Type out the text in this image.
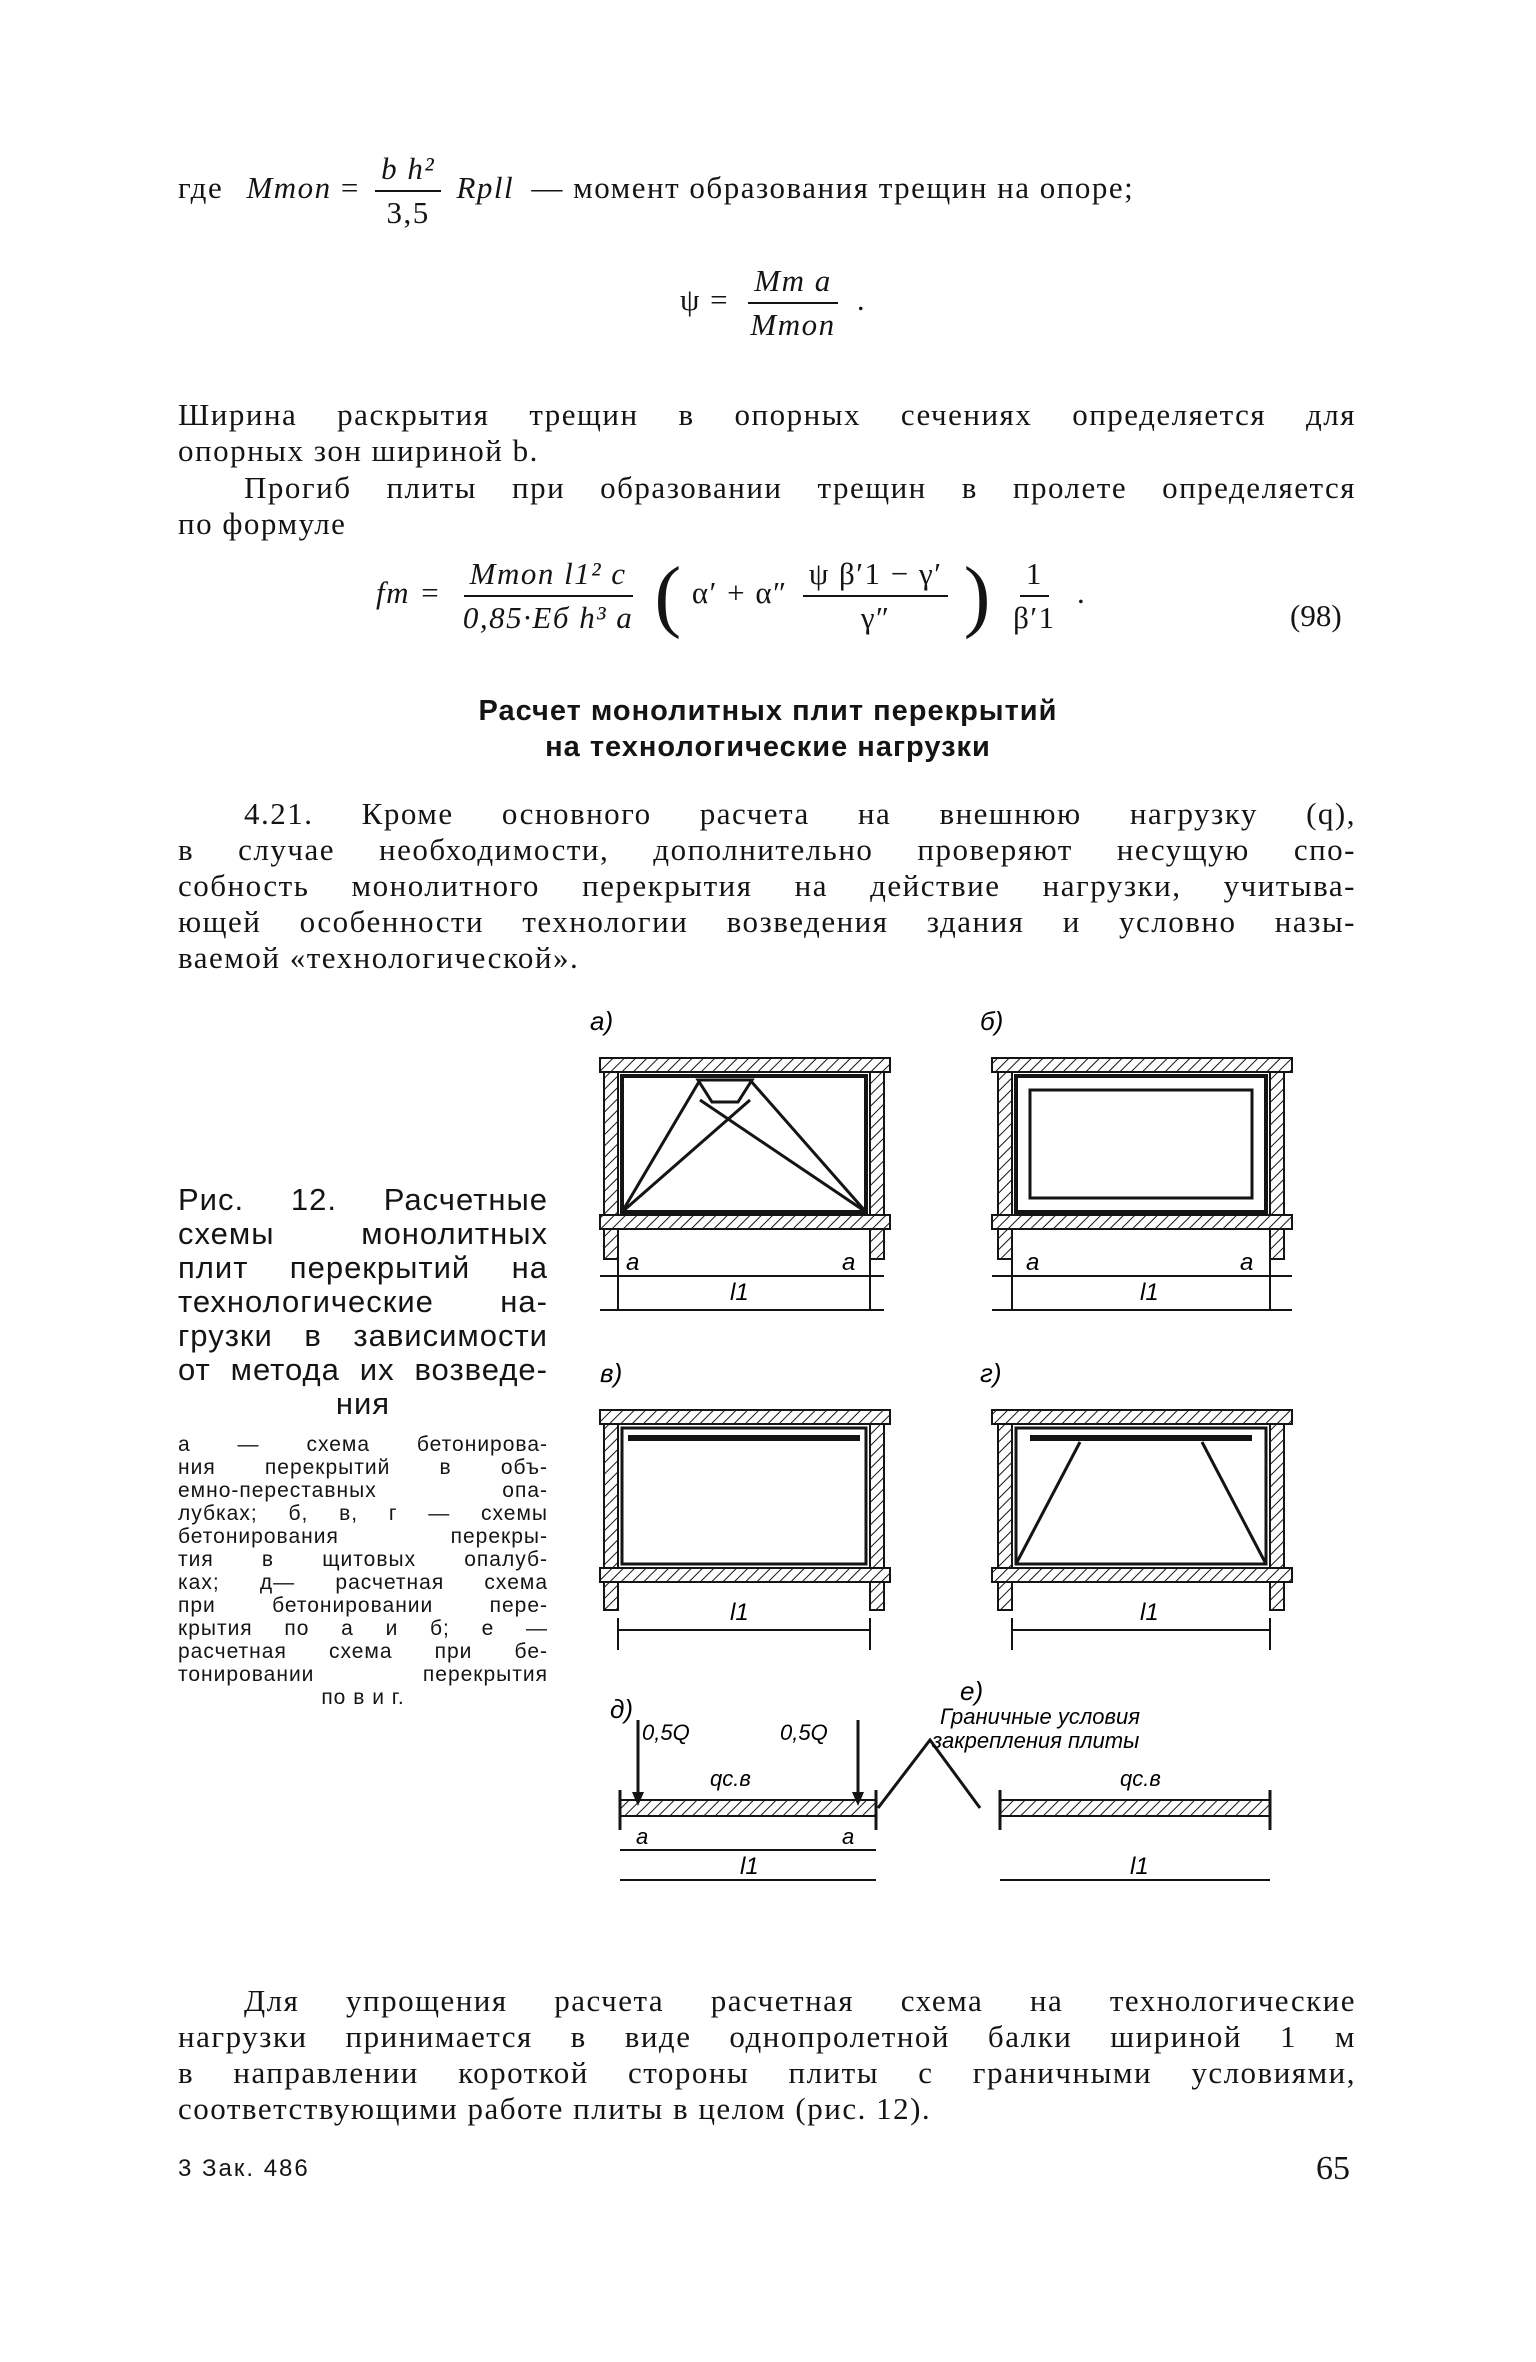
где Mтоп = $\frac{\text{b h²}}{3,5}$ Rpll — момент образования трещин на опоре;
$\psi = \frac{\text{Mт a}}{\text{Mтоп}}$ .
Ширина раскрытия трещин в опорных сечениях определяется для
опорных зон шириной b.
Прогиб плиты при образовании трещин в пролете определяется
по формуле
fт = $\frac{\text{Mтоп l1² c}}{\text{0,85·Eб h³ a}}$ ( $\alpha' + \alpha'' \frac{\text{ψ β′1 − γ′}}{\gamma''}$ ) $\frac{1}{\beta'1}$ .
(98)
Расчет монолитных плит перекрытий
на технологические нагрузки
4.21. Кроме основного расчета на внешнюю нагрузку (q),
в случае необходимости, дополнительно проверяют несущую спо-
собность монолитного перекрытия на действие нагрузки, учитыва-
ющей особенности технологии возведения здания и условно назы-
ваемой «технологической».
Рис. 12. Расчетные
схемы монолитных
плит перекрытий на
технологические на-
грузки в зависимости
от метода их возведе-
ния
а — схема бетонирова-
ния перекрытий в объ-
емно-переставных опа-
лубках; б, в, г — схемы
бетонирования перекры-
тия в щитовых опалуб-
ках; д— расчетная схема
при бетонировании пере-
крытия по а и б; е —
расчетная схема при бе-
тонировании перекрытия
по в и г.
а)
a	a
l1
б)
a	a
l1
в)
l1
г)
l1
д)
0,5Q	0,5Q
qс.в
a	a
l1
е)
Граничные условия
закрепления плиты
qс.в
l1
Для упрощения расчета расчетная схема на технологические
нагрузки принимается в виде однопролетной балки шириной 1 м
в направлении короткой стороны плиты с граничными условиями,
соответствующими работе плиты в целом (рис. 12).
3 Зак. 486	65
